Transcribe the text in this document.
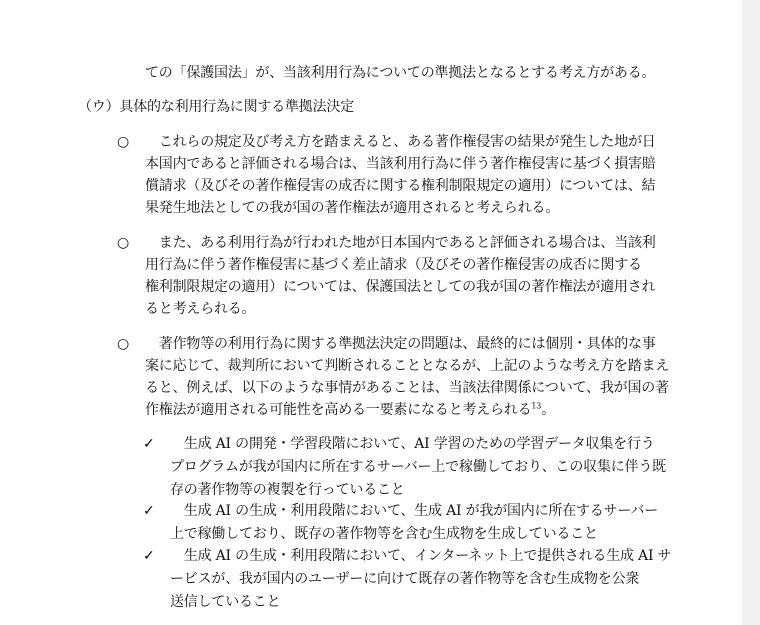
ての「保護国法」が、当該利用行為についての準拠法となるとする考え方がある。
（ウ）具体的な利用行為に関する準拠法決定
○ 　これらの規定及び考え方を踏まえると、ある著作権侵害の結果が発生した地が日
本国内であると評価される場合は、当該利用行為に伴う著作権侵害に基づく損害賠
償請求（及びその著作権侵害の成否に関する権利制限規定の適用）については、結
果発生地法としての我が国の著作権法が適用されると考えられる。
○ 　また、ある利用行為が行われた地が日本国内であると評価される場合は、当該利
用行為に伴う著作権侵害に基づく差止請求（及びその著作権侵害の成否に関する
権利制限規定の適用）については、保護国法としての我が国の著作権法が適用され
ると考えられる。
○ 　著作物等の利用行為に関する準拠法決定の問題は、最終的には個別・具体的な事
案に応じて、裁判所において判断されることとなるが、上記のような考え方を踏まえ
ると、例えば、以下のような事情があることは、当該法律関係について、我が国の著
作権法が適用される可能性を高める一要素になると考えられる$^{13}$。
✓ 　生成 AI の開発・学習段階において、AI 学習のための学習データ収集を行う
プログラムが我が国内に所在するサーバー上で稼働しており、この収集に伴う既
存の著作物等の複製を行っていること
✓ 　生成 AI の生成・利用段階において、生成 AI が我が国内に所在するサーバー
上で稼働しており、既存の著作物等を含む生成物を生成していること
✓ 　生成 AI の生成・利用段階において、インターネット上で提供される生成 AI サ
ービスが、我が国内のユーザーに向けて既存の著作物等を含む生成物を公衆
送信していること
